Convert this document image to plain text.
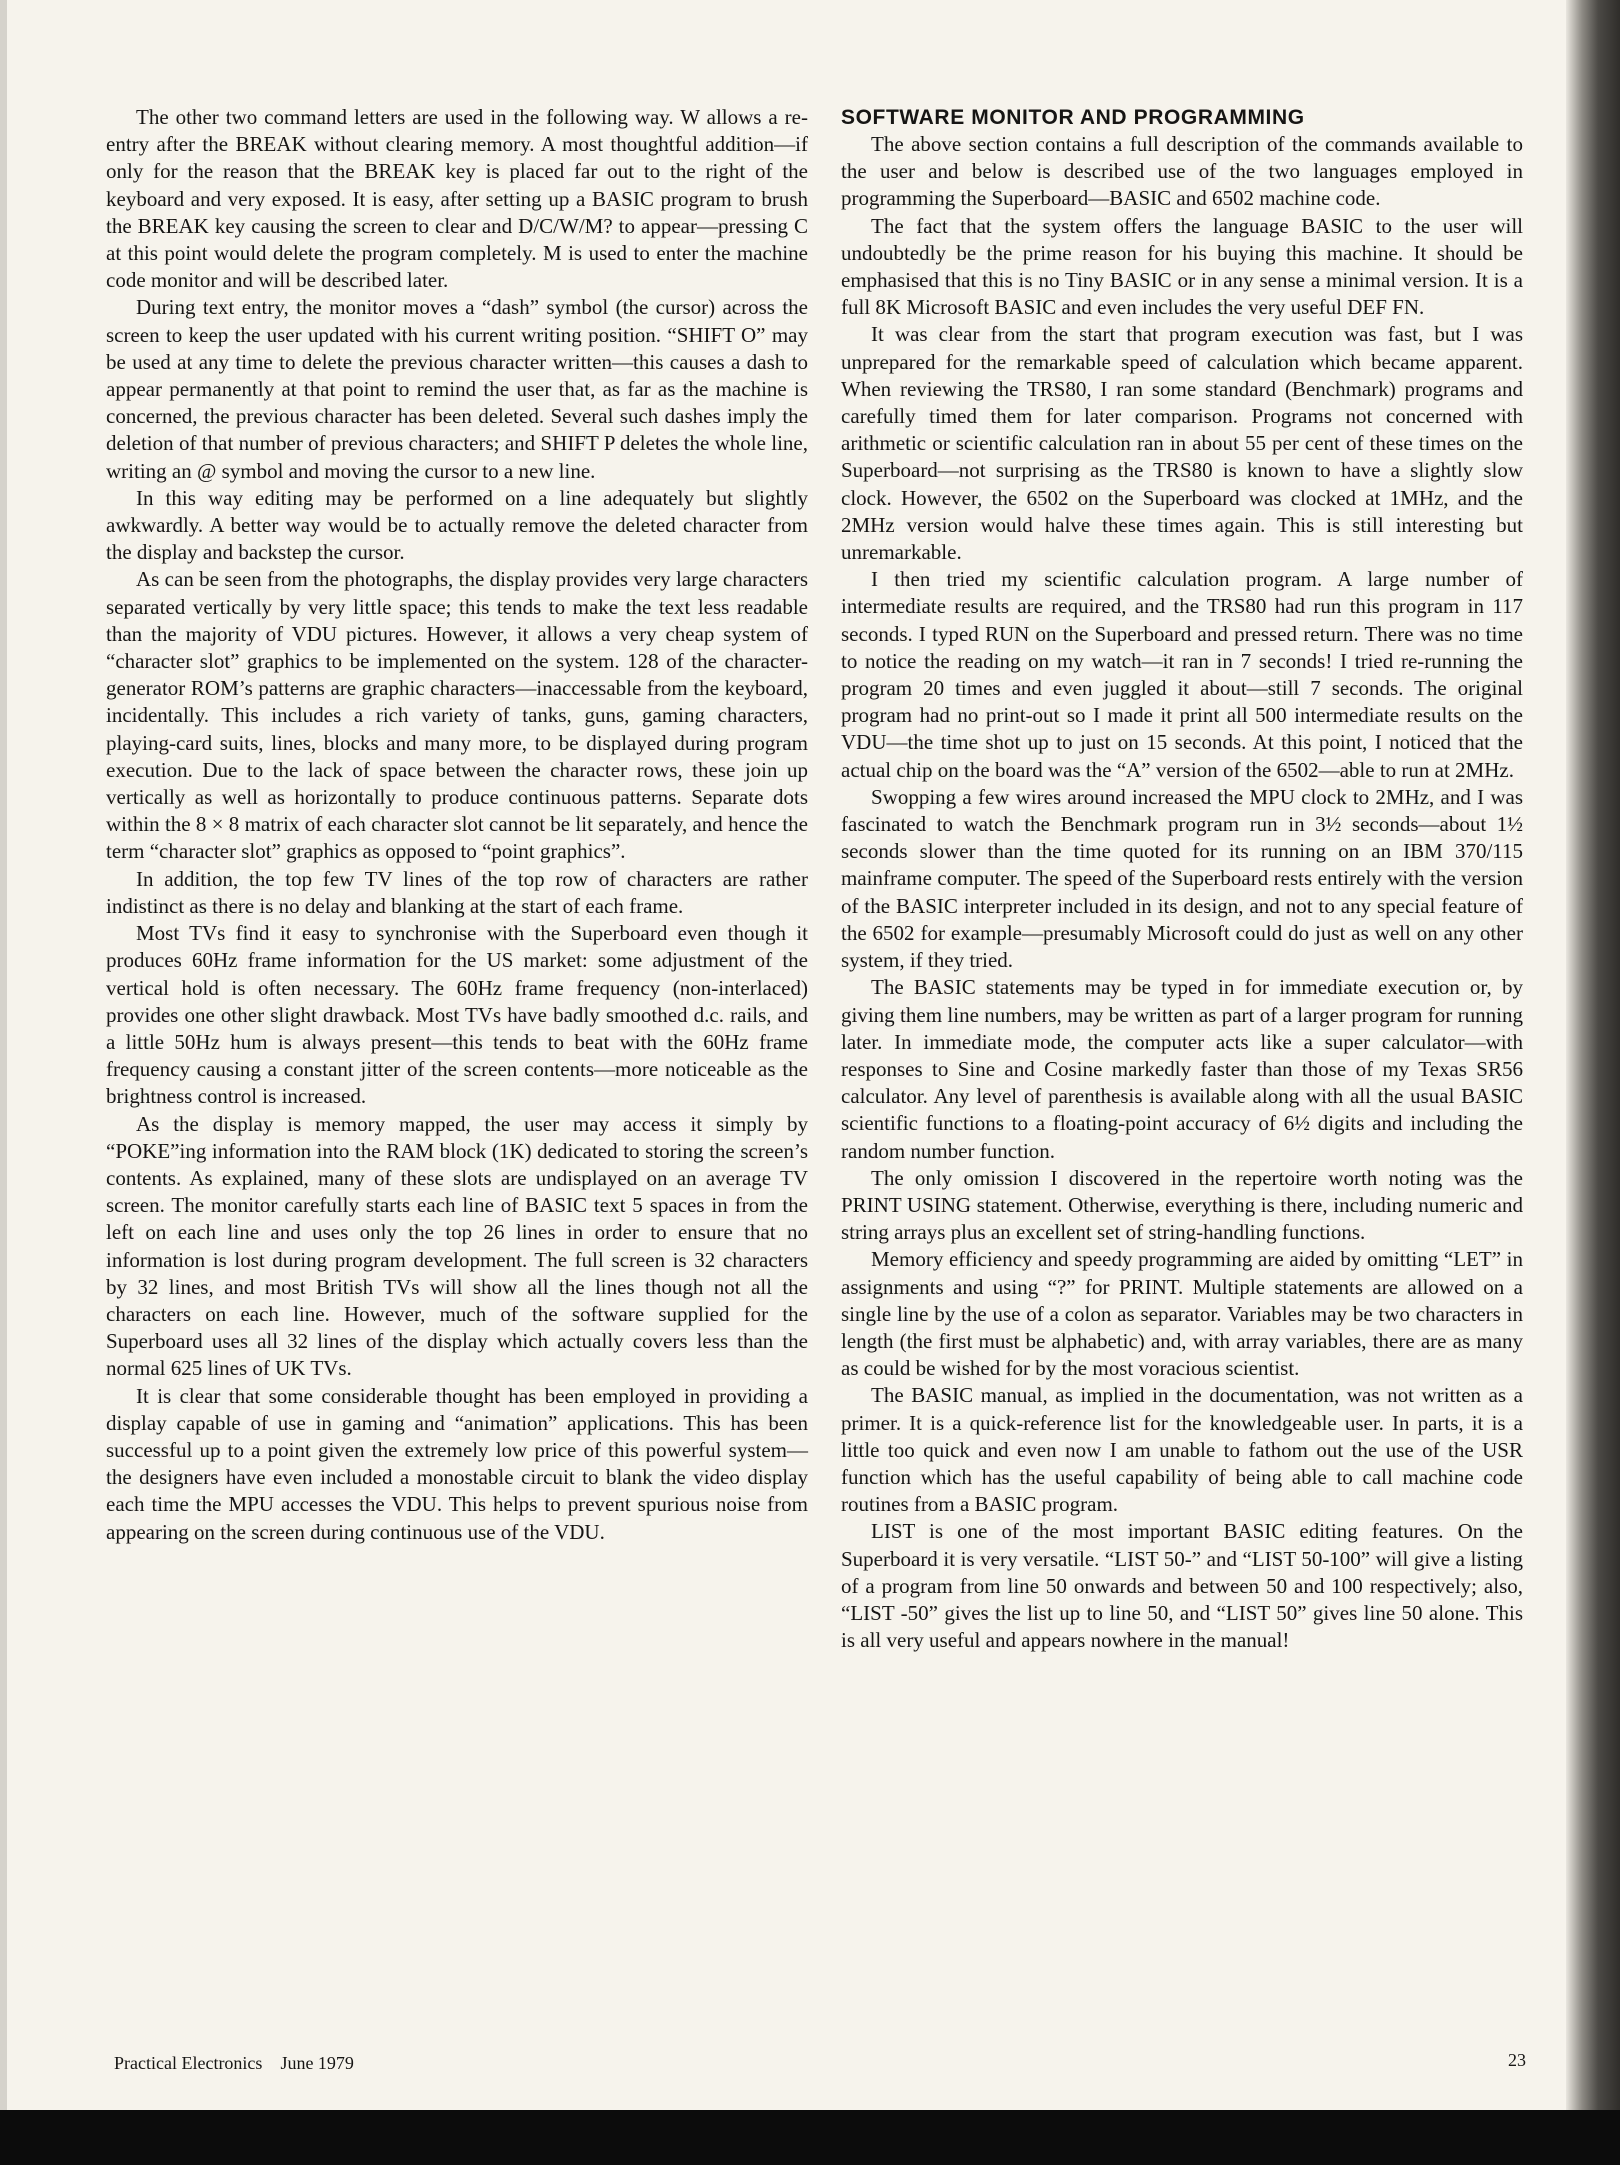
The other two command letters are used in the following way. W allows a re-entry after the BREAK without clearing memory. A most thoughtful addition—if only for the reason that the BREAK key is placed far out to the right of the keyboard and very exposed. It is easy, after setting up a BASIC program to brush the BREAK key causing the screen to clear and D/C/W/M? to appear—pressing C at this point would delete the program completely. M is used to enter the machine code monitor and will be described later.

During text entry, the monitor moves a “dash” symbol (the cursor) across the screen to keep the user updated with his current writing position. “SHIFT O” may be used at any time to delete the previous character written—this causes a dash to appear permanently at that point to remind the user that, as far as the machine is concerned, the previous character has been deleted. Several such dashes imply the deletion of that number of previous characters; and SHIFT P deletes the whole line, writing an @ symbol and moving the cursor to a new line.

In this way editing may be performed on a line adequately but slightly awkwardly. A better way would be to actually remove the deleted character from the display and backstep the cursor.

As can be seen from the photographs, the display provides very large characters separated vertically by very little space; this tends to make the text less readable than the majority of VDU pictures. However, it allows a very cheap system of “character slot” graphics to be implemented on the system. 128 of the character-generator ROM’s patterns are graphic characters—inaccessable from the keyboard, incidentally. This includes a rich variety of tanks, guns, gaming characters, playing-card suits, lines, blocks and many more, to be displayed during program execution. Due to the lack of space between the character rows, these join up vertically as well as horizontally to produce continuous patterns. Separate dots within the 8 × 8 matrix of each character slot cannot be lit separately, and hence the term “character slot” graphics as opposed to “point graphics”.

In addition, the top few TV lines of the top row of characters are rather indistinct as there is no delay and blanking at the start of each frame.

Most TVs find it easy to synchronise with the Superboard even though it produces 60Hz frame information for the US market: some adjustment of the vertical hold is often necessary. The 60Hz frame frequency (non-interlaced) provides one other slight drawback. Most TVs have badly smoothed d.c. rails, and a little 50Hz hum is always present—this tends to beat with the 60Hz frame frequency causing a constant jitter of the screen contents—more noticeable as the brightness control is increased.

As the display is memory mapped, the user may access it simply by “POKE”ing information into the RAM block (1K) dedicated to storing the screen’s contents. As explained, many of these slots are undisplayed on an average TV screen. The monitor carefully starts each line of BASIC text 5 spaces in from the left on each line and uses only the top 26 lines in order to ensure that no information is lost during program development. The full screen is 32 characters by 32 lines, and most British TVs will show all the lines though not all the characters on each line. However, much of the software supplied for the Superboard uses all 32 lines of the display which actually covers less than the normal 625 lines of UK TVs.

It is clear that some considerable thought has been employed in providing a display capable of use in gaming and “animation” applications. This has been successful up to a point given the extremely low price of this powerful system—the designers have even included a monostable circuit to blank the video display each time the MPU accesses the VDU. This helps to prevent spurious noise from appearing on the screen during continuous use of the VDU.

SOFTWARE MONITOR AND PROGRAMMING

The above section contains a full description of the commands available to the user and below is described use of the two languages employed in programming the Superboard—BASIC and 6502 machine code.

The fact that the system offers the language BASIC to the user will undoubtedly be the prime reason for his buying this machine. It should be emphasised that this is no Tiny BASIC or in any sense a minimal version. It is a full 8K Microsoft BASIC and even includes the very useful DEF FN.

It was clear from the start that program execution was fast, but I was unprepared for the remarkable speed of calculation which became apparent. When reviewing the TRS80, I ran some standard (Benchmark) programs and carefully timed them for later comparison. Programs not concerned with arithmetic or scientific calculation ran in about 55 per cent of these times on the Superboard—not surprising as the TRS80 is known to have a slightly slow clock. However, the 6502 on the Superboard was clocked at 1MHz, and the 2MHz version would halve these times again. This is still interesting but unremarkable.

I then tried my scientific calculation program. A large number of intermediate results are required, and the TRS80 had run this program in 117 seconds. I typed RUN on the Superboard and pressed return. There was no time to notice the reading on my watch—it ran in 7 seconds! I tried re-running the program 20 times and even juggled it about—still 7 seconds. The original program had no print-out so I made it print all 500 intermediate results on the VDU—the time shot up to just on 15 seconds. At this point, I noticed that the actual chip on the board was the “A” version of the 6502—able to run at 2MHz.

Swopping a few wires around increased the MPU clock to 2MHz, and I was fascinated to watch the Benchmark program run in 3½ seconds—about 1½ seconds slower than the time quoted for its running on an IBM 370/115 mainframe computer. The speed of the Superboard rests entirely with the version of the BASIC interpreter included in its design, and not to any special feature of the 6502 for example—presumably Microsoft could do just as well on any other system, if they tried.

The BASIC statements may be typed in for immediate execution or, by giving them line numbers, may be written as part of a larger program for running later. In immediate mode, the computer acts like a super calculator—with responses to Sine and Cosine markedly faster than those of my Texas SR56 calculator. Any level of parenthesis is available along with all the usual BASIC scientific functions to a floating-point accuracy of 6½ digits and including the random number function.

The only omission I discovered in the repertoire worth noting was the PRINT USING statement. Otherwise, everything is there, including numeric and string arrays plus an excellent set of string-handling functions.

Memory efficiency and speedy programming are aided by omitting “LET” in assignments and using “?” for PRINT. Multiple statements are allowed on a single line by the use of a colon as separator. Variables may be two characters in length (the first must be alphabetic) and, with array variables, there are as many as could be wished for by the most voracious scientist.

The BASIC manual, as implied in the documentation, was not written as a primer. It is a quick-reference list for the knowledgeable user. In parts, it is a little too quick and even now I am unable to fathom out the use of the USR function which has the useful capability of being able to call machine code routines from a BASIC program.

LIST is one of the most important BASIC editing features. On the Superboard it is very versatile. “LIST 50-” and “LIST 50-100” will give a listing of a program from line 50 onwards and between 50 and 100 respectively; also, “LIST -50” gives the list up to line 50, and “LIST 50” gives line 50 alone. This is all very useful and appears nowhere in the manual!

Practical Electronics June 1979	23
